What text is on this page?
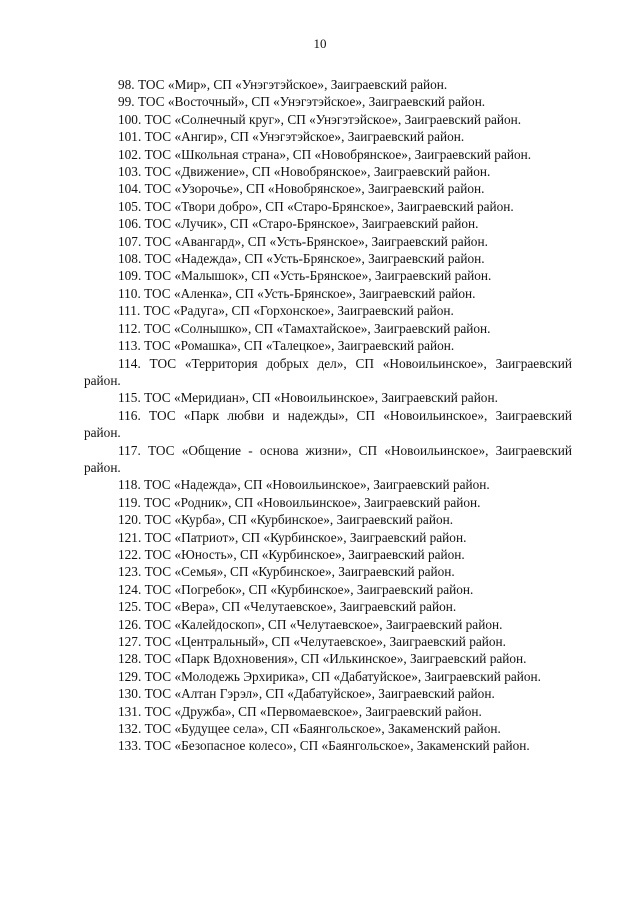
10

98. ТОС «Мир», СП «Унэгэтэйское», Заиграевский район.

99. ТОС «Восточный», СП «Унэгэтэйское», Заиграевский район.

100. ТОС «Солнечный круг», СП «Унэгэтэйское», Заиграевский район.

101. ТОС «Ангир», СП «Унэгэтэйское», Заиграевский район.

102. ТОС «Школьная страна», СП «Новобрянское», Заиграевский район.

103. ТОС «Движение», СП «Новобрянское», Заиграевский район.

104. ТОС «Узорочье», СП «Новобрянское», Заиграевский район.

105. ТОС «Твори добро», СП «Старо-Брянское», Заиграевский район.

106. ТОС «Лучик», СП «Старо-Брянское», Заиграевский район.

107. ТОС «Авангард», СП «Усть-Брянское», Заиграевский район.

108. ТОС «Надежда», СП «Усть-Брянское», Заиграевский район.

109. ТОС «Малышок», СП «Усть-Брянское», Заиграевский район.

110. ТОС «Аленка», СП «Усть-Брянское», Заиграевский район.

111. ТОС «Радуга», СП «Горхонское», Заиграевский район.

112. ТОС «Солнышко», СП «Тамахтайское», Заиграевский район.

113. ТОС «Ромашка», СП «Талецкое», Заиграевский район.

114. ТОС «Территория добрых дел», СП «Новоильинское», Заиграевский район.

115. ТОС «Меридиан», СП «Новоильинское», Заиграевский район.

116. ТОС «Парк любви и надежды», СП «Новоильинское», Заиграевский район.

117. ТОС «Общение - основа жизни», СП «Новоильинское», Заиграевский район.

118. ТОС «Надежда», СП «Новоильинское», Заиграевский район.

119. ТОС «Родник», СП «Новоильинское», Заиграевский район.

120. ТОС «Курба», СП «Курбинское», Заиграевский район.

121. ТОС «Патриот», СП «Курбинское», Заиграевский район.

122. ТОС «Юность», СП «Курбинское», Заиграевский район.

123. ТОС «Семья», СП «Курбинское», Заиграевский район.

124. ТОС «Погребок», СП «Курбинское», Заиграевский район.

125. ТОС «Вера», СП «Челутаевское», Заиграевский район.

126. ТОС «Калейдоскоп», СП «Челутаевское», Заиграевский район.

127. ТОС «Центральный», СП «Челутаевское», Заиграевский район.

128. ТОС «Парк Вдохновения», СП «Илькинское», Заиграевский район.

129. ТОС «Молодежь Эрхирика», СП «Дабатуйское», Заиграевский район.

130. ТОС «Алтан Гэрэл», СП «Дабатуйское», Заиграевский район.

131. ТОС «Дружба», СП «Первомаевское», Заиграевский район.

132. ТОС «Будущее села», СП «Баянгольское», Закаменский район.

133. ТОС «Безопасное колесо», СП «Баянгольское», Закаменский район.
